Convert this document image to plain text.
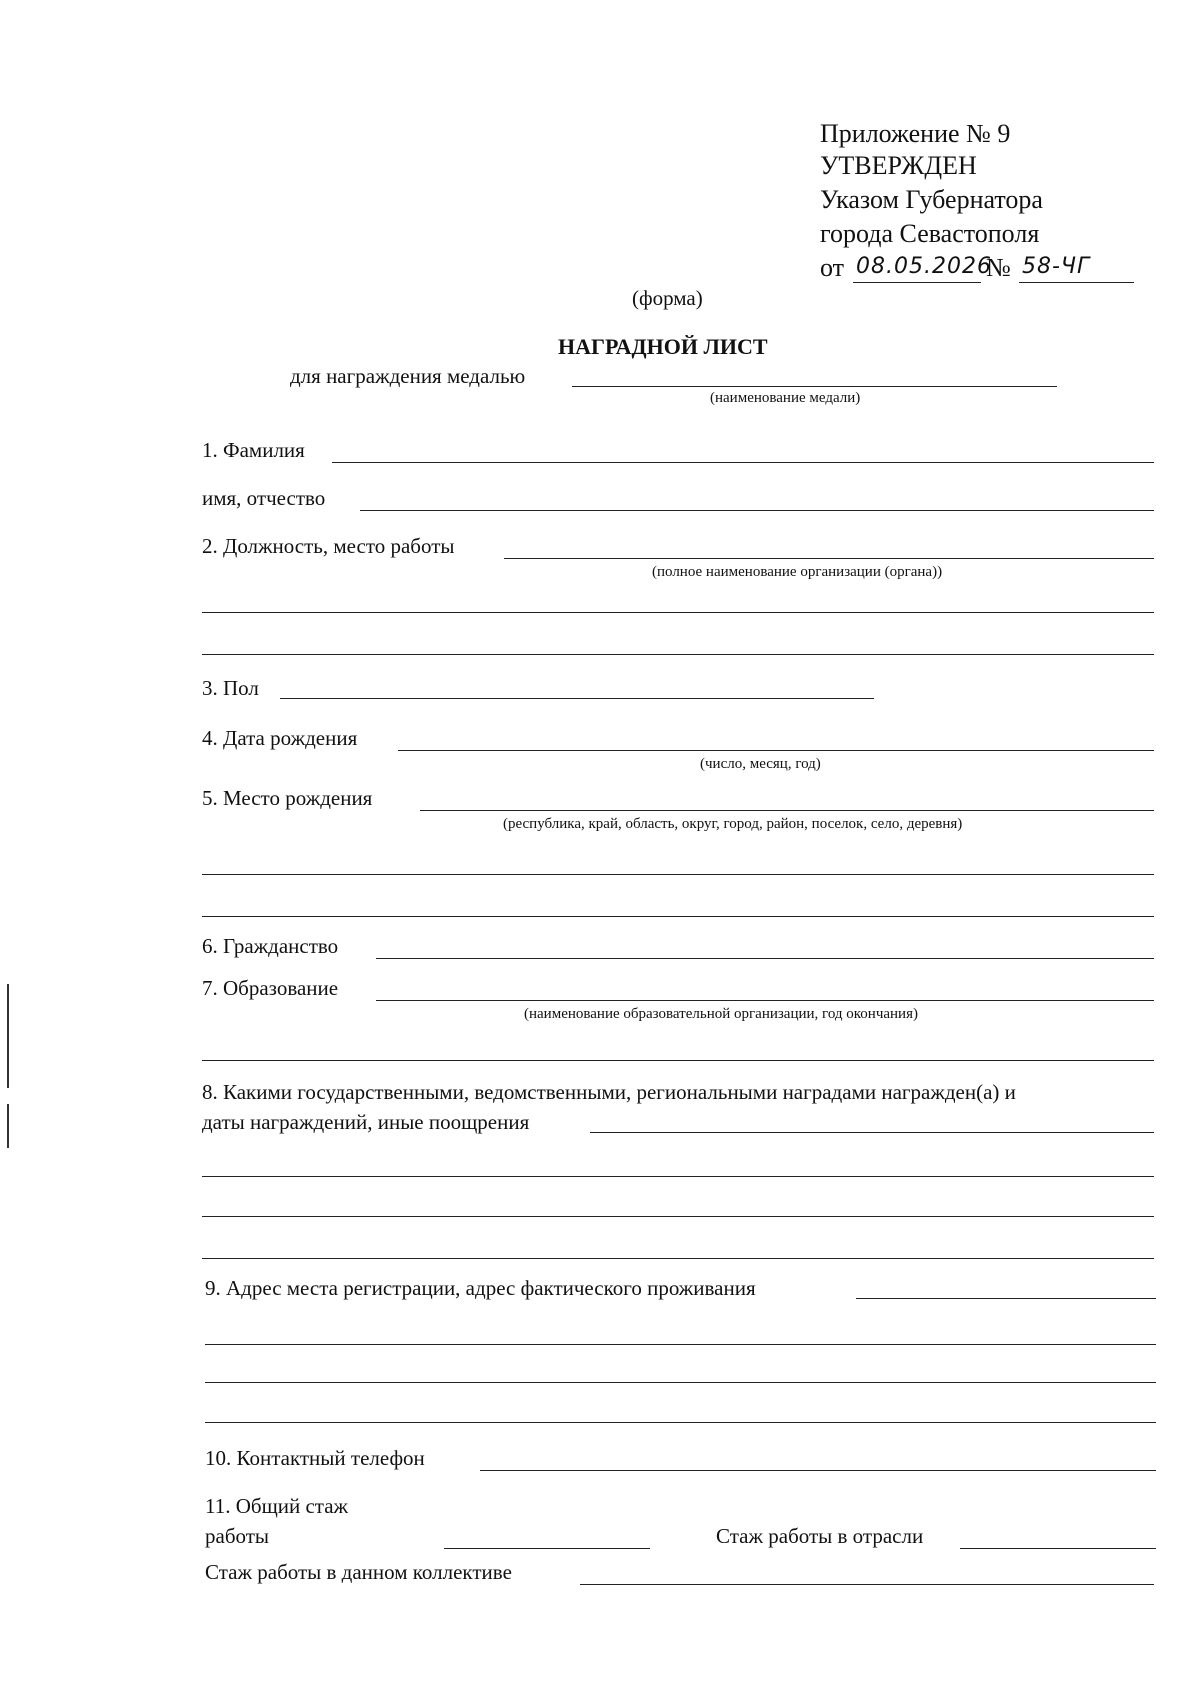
Приложение № 9
УТВЕРЖДЕН
Указом Губернатора
города Севастополя
от 08.05.2026
№ 58-ЧГ
(форма)
НАГРАДНОЙ ЛИСТ
для награждения медалью
(наименование медали)
1. Фамилия
имя, отчество
2. Должность, место работы
(полное наименование организации (органа))
3. Пол
4. Дата рождения
(число, месяц, год)
5. Место рождения
(республика, край, область, округ, город, район, поселок, село, деревня)
6. Гражданство
7. Образование
(наименование образовательной организации, год окончания)
8. Какими государственными, ведомственными, региональными наградами награжден(а) и
даты награждений, иные поощрения
9. Адрес места регистрации, адрес фактического проживания
10. Контактный телефон
11. Общий стаж
работы	Стаж работы в отрасли
Стаж работы в данном коллективе
